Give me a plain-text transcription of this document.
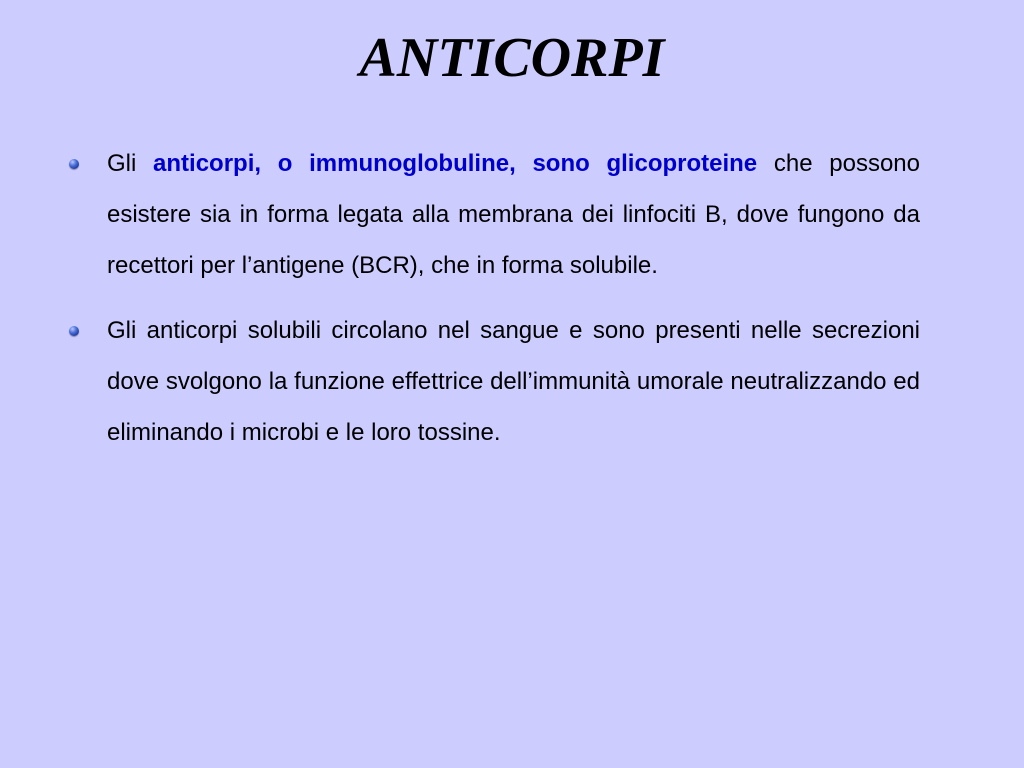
ANTICORPI

Gli anticorpi, o immunoglobuline, sono glicoproteine che possono esistere sia in forma legata alla membrana dei linfociti B, dove fungono da recettori per l’antigene (BCR), che in forma solubile.

Gli anticorpi solubili circolano nel sangue e sono presenti nelle secrezioni dove svolgono la funzione effettrice dell’immunità umorale neutralizzando ed eliminando i microbi e le loro tossine.
